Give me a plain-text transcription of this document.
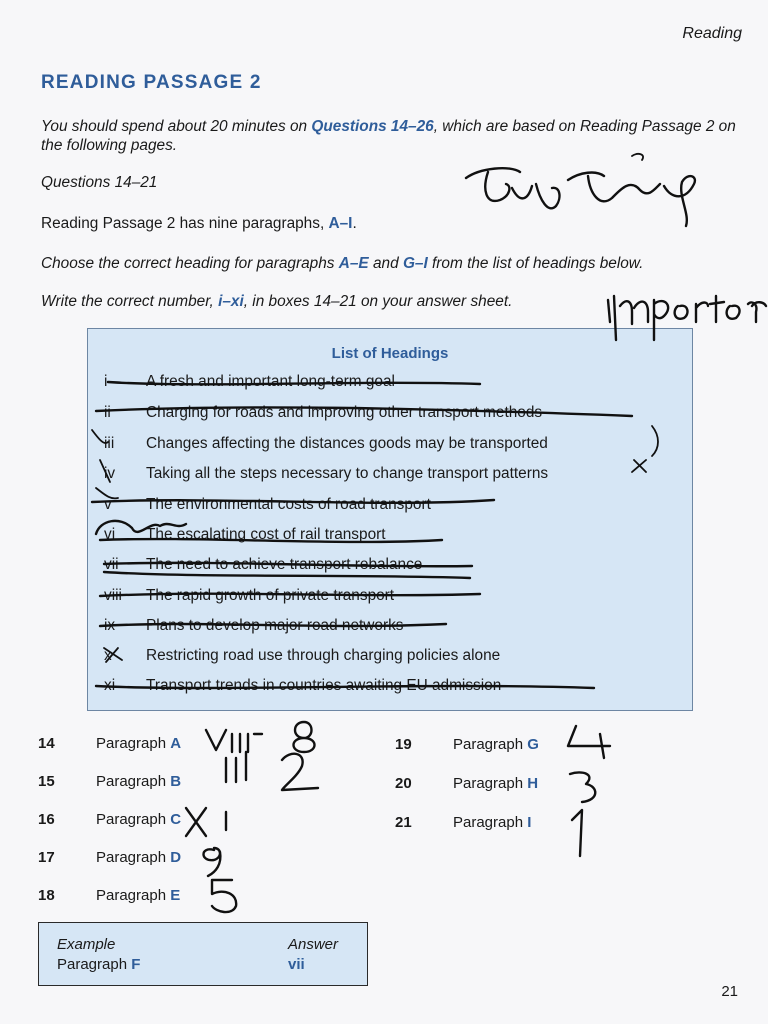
Reading
READING PASSAGE 2
You should spend about 20 minutes on Questions 14–26, which are based on Reading Passage 2 on the following pages.
Questions 14–21
Reading Passage 2 has nine paragraphs, A–I.
Choose the correct heading for paragraphs A–E and G–I from the list of headings below.
Write the correct number, i–xi, in boxes 14–21 on your answer sheet.
List of Headings
i	A fresh and important long-term goal
ii	Charging for roads and improving other transport methods
iii	Changes affecting the distances goods may be transported
iv	Taking all the steps necessary to change transport patterns
v	The environmental costs of road transport
vi	The escalating cost of rail transport
vii	The need to achieve transport rebalance
viii	The rapid growth of private transport
ix	Plans to develop major road networks
x	Restricting road use through charging policies alone
xi	Transport trends in countries awaiting EU admission
14	Paragraph A
15	Paragraph B
16	Paragraph C
17	Paragraph D
18	Paragraph E
19	Paragraph G
20	Paragraph H
21	Paragraph I
Example	Answer
Paragraph F	vii
21
